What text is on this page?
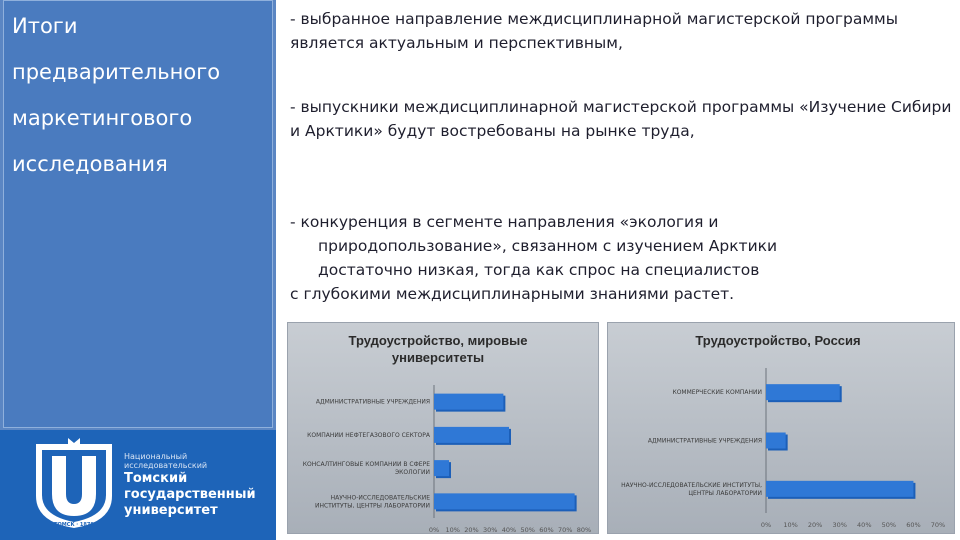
Итоги
предварительного
маркетингового
исследования
ТОМСК · 1878
Национальный
исследовательский
Томский
государственный
университет
- выбранное направление междисциплинарной магистерской программы является актуальным и перспективным,
- выпускники междисциплинарной магистерской программы «Изучение Сибири и Арктики» будут востребованы на рынке труда,
- конкуренция в сегменте направления «экология и
природопользование», связанном с изучением Арктики
достаточно низкая, тогда как спрос на специалистов
с глубокими междисциплинарными знаниями растет.
Трудоустройство, мировые
университеты
0% 10% 20% 30% 40% 50% 60% 70% 80%
АДМИНИСТРАТИВНЫЕ УЧРЕЖДЕНИЯ
КОМПАНИИ НЕФТЕГАЗОВОГО СЕКТОРА
КОНСАЛТИНГОВЫЕ КОМПАНИИ В СФЕРЕ
ЭКОЛОГИИ
НАУЧНО-ИССЛЕДОВАТЕЛЬСКИЕ
ИНСТИТУТЫ, ЦЕНТРЫ ЛАБОРАТОРИИ
Трудоустройство, Россия
0% 10% 20% 30% 40% 50% 60% 70%
КОММЕРЧЕСКИЕ КОМПАНИИ
АДМИНИСТРАТИВНЫЕ УЧРЕЖДЕНИЯ
НАУЧНО-ИССЛЕДОВАТЕЛЬСКИЕ ИНСТИТУТЫ,
ЦЕНТРЫ ЛАБОРАТОРИИ
